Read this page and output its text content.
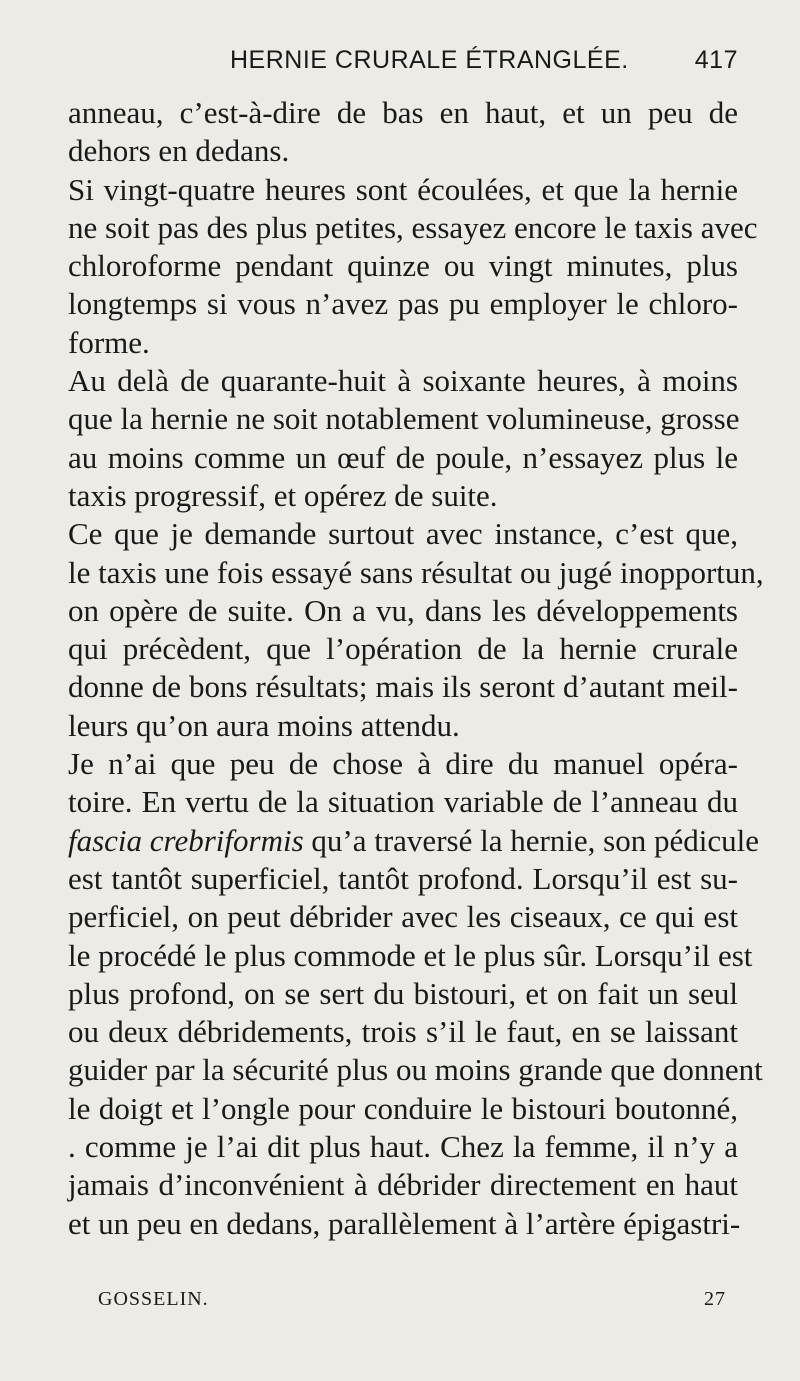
HERNIE CRURALE ÉTRANGLÉE.	417
anneau, c’est-à-dire de bas en haut, et un peu de
dehors en dedans.
Si vingt-quatre heures sont écoulées, et que la hernie
ne soit pas des plus petites, essayez encore le taxis avec
chloroforme pendant quinze ou vingt minutes, plus
longtemps si vous n’avez pas pu employer le chloro-
forme.
Au delà de quarante-huit à soixante heures, à moins
que la hernie ne soit notablement volumineuse, grosse
au moins comme un œuf de poule, n’essayez plus le
taxis progressif, et opérez de suite.
Ce que je demande surtout avec instance, c’est que,
le taxis une fois essayé sans résultat ou jugé inopportun,
on opère de suite. On a vu, dans les développements
qui précèdent, que l’opération de la hernie crurale
donne de bons résultats; mais ils seront d’autant meil-
leurs qu’on aura moins attendu.
Je n’ai que peu de chose à dire du manuel opéra-
toire. En vertu de la situation variable de l’anneau du
fascia crebriformis qu’a traversé la hernie, son pédicule
est tantôt superficiel, tantôt profond. Lorsqu’il est su-
perficiel, on peut débrider avec les ciseaux, ce qui est
le procédé le plus commode et le plus sûr. Lorsqu’il est
plus profond, on se sert du bistouri, et on fait un seul
ou deux débridements, trois s’il le faut, en se laissant
guider par la sécurité plus ou moins grande que donnent
le doigt et l’ongle pour conduire le bistouri boutonné,
. comme je l’ai dit plus haut. Chez la femme, il n’y a
jamais d’inconvénient à débrider directement en haut
et un peu en dedans, parallèlement à l’artère épigastri-
GOSSELIN.	27
